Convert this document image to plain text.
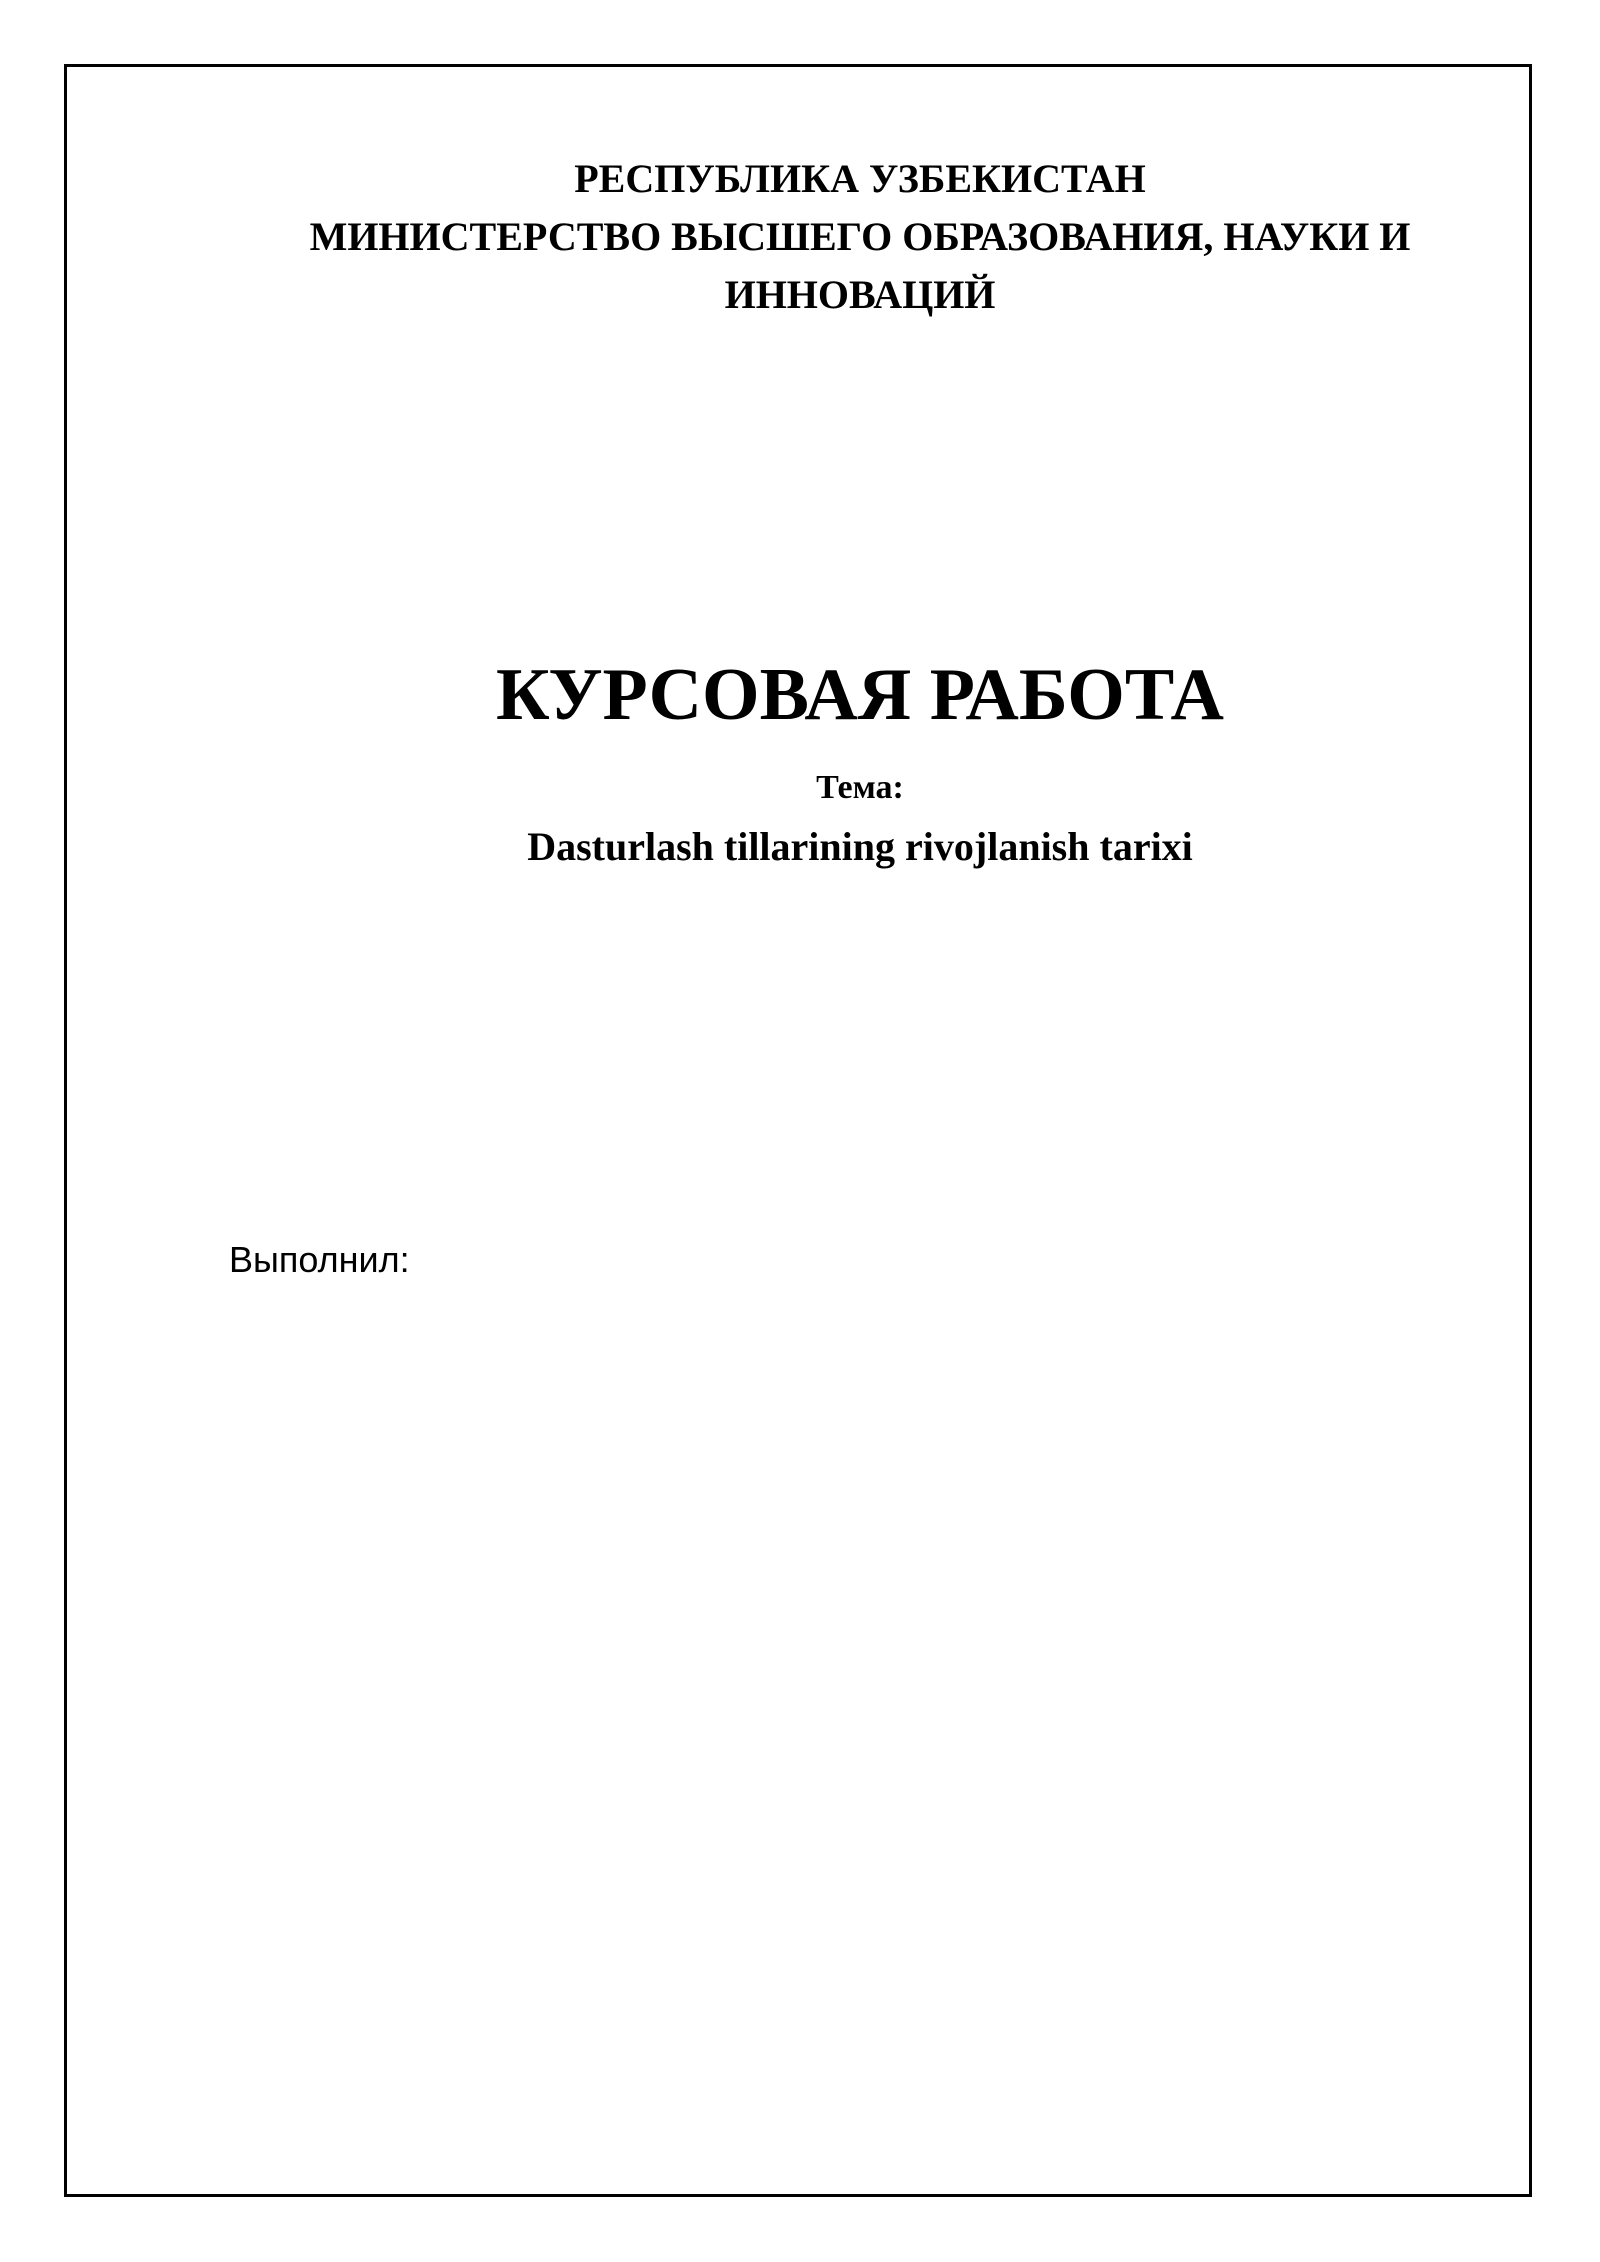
РЕСПУБЛИКА УЗБЕКИСТАН
МИНИСТЕРСТВО ВЫСШЕГО ОБРАЗОВАНИЯ, НАУКИ И
ИННОВАЦИЙ
КУРСОВАЯ РАБОТА
Тема:
Dasturlash tillarining rivojlanish tarixi
Выполнил:
